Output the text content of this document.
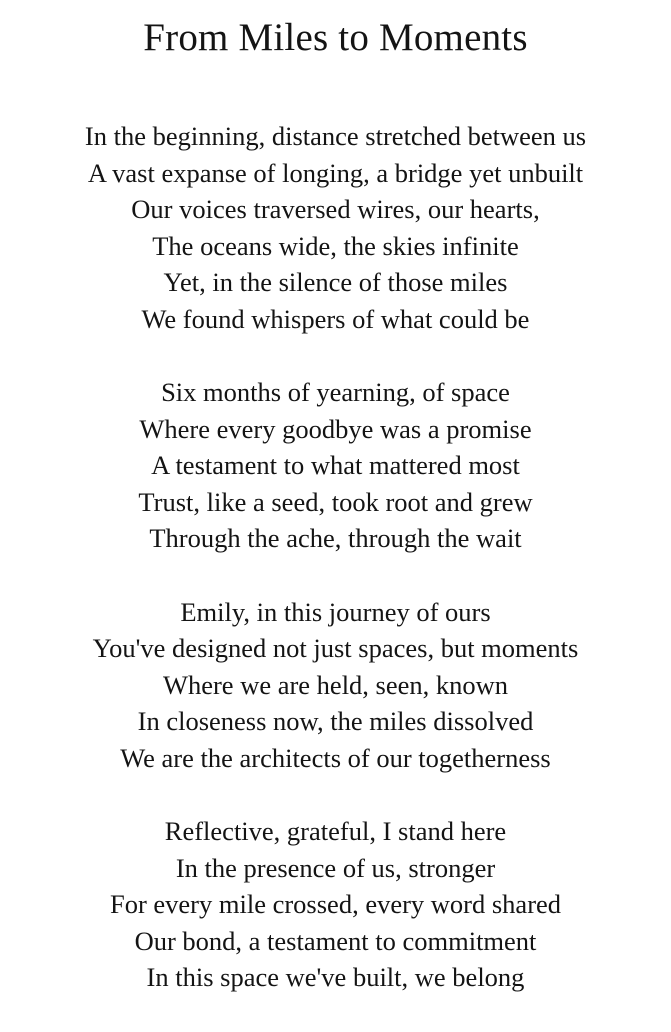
From Miles to Moments
In the beginning, distance stretched between us
A vast expanse of longing, a bridge yet unbuilt
Our voices traversed wires, our hearts,
The oceans wide, the skies infinite
Yet, in the silence of those miles
We found whispers of what could be
Six months of yearning, of space
Where every goodbye was a promise
A testament to what mattered most
Trust, like a seed, took root and grew
Through the ache, through the wait
Emily, in this journey of ours
You've designed not just spaces, but moments
Where we are held, seen, known
In closeness now, the miles dissolved
We are the architects of our togetherness
Reflective, grateful, I stand here
In the presence of us, stronger
For every mile crossed, every word shared
Our bond, a testament to commitment
In this space we've built, we belong
